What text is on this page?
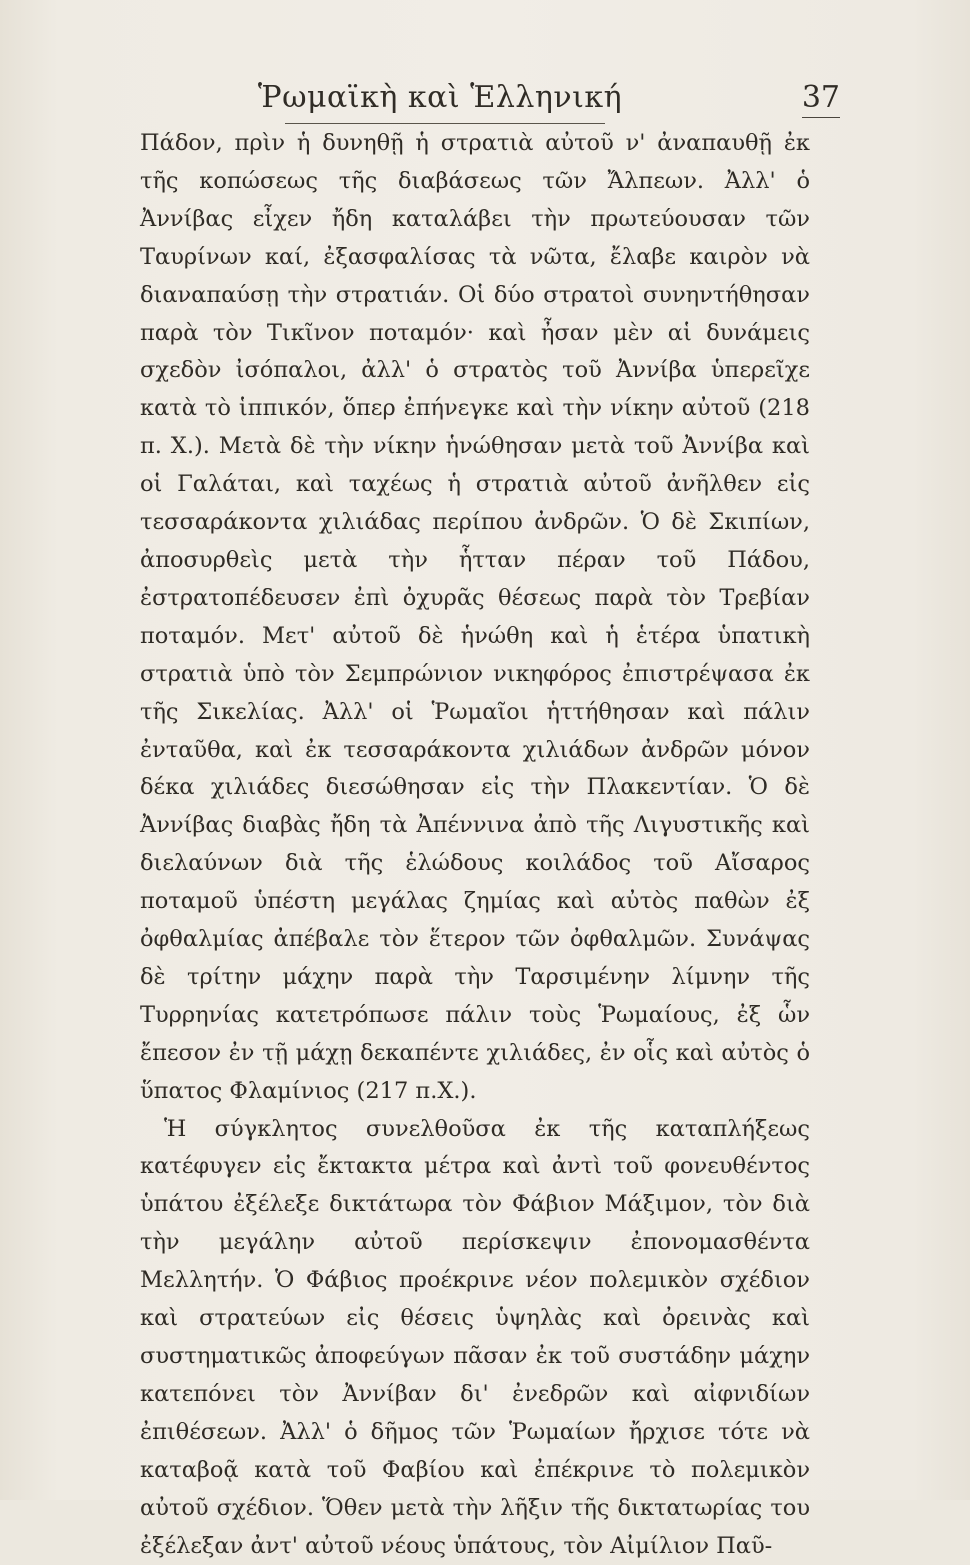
Ῥωμαϊκὴ καὶ Ἑλληνική	37

Πάδον, πρὶν ἡ δυνηθῇ ἡ στρατιὰ αὐτοῦ ν' ἀναπαυθῇ ἐκ τῆς κοπώσεως τῆς διαβάσεως τῶν Ἄλπεων. Ἀλλ' ὁ Ἀννίβας εἶχεν ἤδη καταλάβει τὴν πρωτεύουσαν τῶν Ταυρίνων καί, ἐξασφαλίσας τὰ νῶτα, ἔλαβε καιρὸν νὰ διαναπαύσῃ τὴν στρατιάν. Οἱ δύο στρατοὶ συνηντήθησαν παρὰ τὸν Τικῖνον ποταμόν· καὶ ἦσαν μὲν αἱ δυνάμεις σχεδὸν ἰσόπαλοι, ἀλλ' ὁ στρατὸς τοῦ Ἀννίβα ὑπερεῖχε κατὰ τὸ ἱππικόν, ὅπερ ἐπήνεγκε καὶ τὴν νίκην αὐτοῦ (218 π. Χ.). Μετὰ δὲ τὴν νίκην ἡνώθησαν μετὰ τοῦ Ἀννίβα καὶ οἱ Γαλάται, καὶ ταχέως ἡ στρατιὰ αὐτοῦ ἀνῆλθεν εἰς τεσσαράκοντα χιλιάδας περίπου ἀνδρῶν. Ὁ δὲ Σκιπίων, ἀποσυρθεὶς μετὰ τὴν ἧτταν πέραν τοῦ Πάδου, ἐστρατοπέδευσεν ἐπὶ ὀχυρᾶς θέσεως παρὰ τὸν Τρεβίαν ποταμόν. Μετ' αὐτοῦ δὲ ἡνώθη καὶ ἡ ἑτέρα ὑπατικὴ στρατιὰ ὑπὸ τὸν Σεμπρώνιον νικηφόρος ἐπιστρέψασα ἐκ τῆς Σικελίας. Ἀλλ' οἱ Ῥωμαῖοι ἡττήθησαν καὶ πάλιν ἐνταῦθα, καὶ ἐκ τεσσαράκοντα χιλιάδων ἀνδρῶν μόνον δέκα χιλιάδες διεσώθησαν εἰς τὴν Πλακεντίαν. Ὁ δὲ Ἀννίβας διαβὰς ἤδη τὰ Ἀπέννινα ἀπὸ τῆς Λιγυστικῆς καὶ διελαύνων διὰ τῆς ἑλώδους κοιλάδος τοῦ Αἴσαρος ποταμοῦ ὑπέστη μεγάλας ζημίας καὶ αὐτὸς παθὼν ἐξ ὀφθαλμίας ἀπέβαλε τὸν ἕτερον τῶν ὀφθαλμῶν. Συνάψας δὲ τρίτην μάχην παρὰ τὴν Ταρσιμένην λίμνην τῆς Τυρρηνίας κατετρόπωσε πάλιν τοὺς Ῥωμαίους, ἐξ ὧν ἔπεσον ἐν τῇ μάχῃ δεκαπέντε χιλιάδες, ἐν οἷς καὶ αὐτὸς ὁ ὕπατος Φλαμίνιος (217 π.Χ.).

Ἡ σύγκλητος συνελθοῦσα ἐκ τῆς καταπλήξεως κατέφυγεν εἰς ἔκτακτα μέτρα καὶ ἀντὶ τοῦ φονευθέντος ὑπάτου ἐξέλεξε δικτάτωρα τὸν Φάβιον Μάξιμον, τὸν διὰ τὴν μεγάλην αὐτοῦ περίσκεψιν ἐπονομασθέντα Μελλητήν. Ὁ Φάβιος προέκρινε νέον πολεμικὸν σχέδιον καὶ στρατεύων εἰς θέσεις ὑψηλὰς καὶ ὀρεινὰς καὶ συστηματικῶς ἀποφεύγων πᾶσαν ἐκ τοῦ συστάδην μάχην κατεπόνει τὸν Ἀννίβαν δι' ἐνεδρῶν καὶ αἰφνιδίων ἐπιθέσεων. Ἀλλ' ὁ δῆμος τῶν Ῥωμαίων ἤρχισε τότε νὰ καταβοᾷ κατὰ τοῦ Φαβίου καὶ ἐπέκρινε τὸ πολεμικὸν αὐτοῦ σχέδιον. Ὅθεν μετὰ τὴν λῆξιν τῆς δικτατωρίας του ἐξέλεξαν ἀντ' αὐτοῦ νέους ὑπάτους, τὸν Αἰμίλιον Παῦ-
